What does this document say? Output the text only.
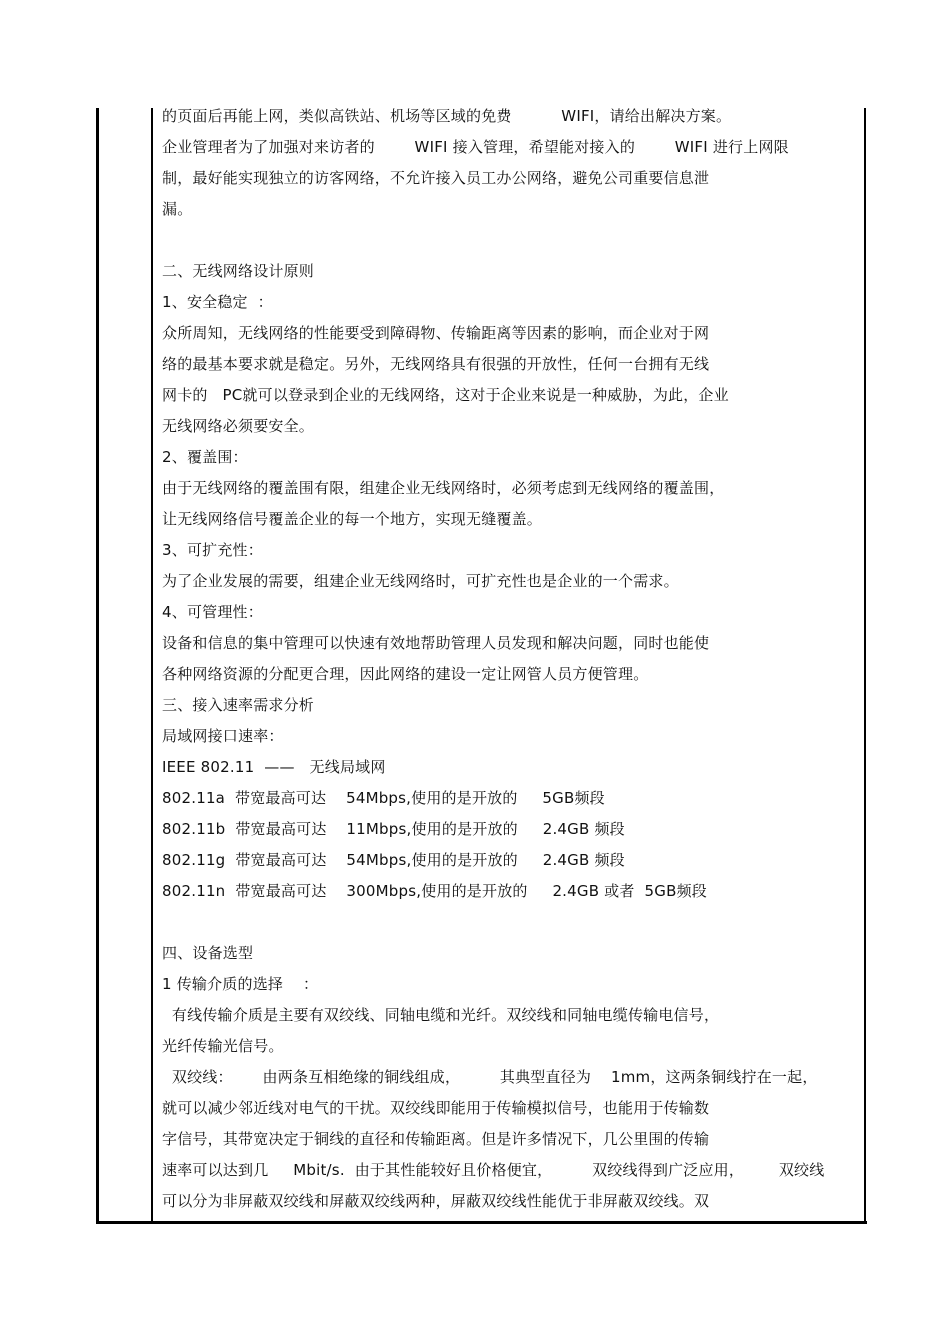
的页面后再能上网，类似高铁站、机场等区域的免费          WIFI，请给出解决方案。
企业管理者为了加强对来访者的        WIFI 接入管理，希望能对接入的        WIFI 进行上网限
制，最好能实现独立的访客网络，不允许接入员工办公网络，避免公司重要信息泄
漏。
二、无线网络设计原则
1、安全稳定  ：
众所周知，无线网络的性能要受到障碍物、传输距离等因素的影响，而企业对于网
络的最基本要求就是稳定。另外，无线网络具有很强的开放性，任何一台拥有无线
网卡的   PC就可以登录到企业的无线网络，这对于企业来说是一种威胁，为此，企业
无线网络必须要安全。
2、覆盖围：
由于无线网络的覆盖围有限，组建企业无线网络时，必须考虑到无线网络的覆盖围，
让无线网络信号覆盖企业的每一个地方，实现无缝覆盖。
3、可扩充性：
为了企业发展的需要，组建企业无线网络时，可扩充性也是企业的一个需求。
4、可管理性：
设备和信息的集中管理可以快速有效地帮助管理人员发现和解决问题，同时也能使
各种网络资源的分配更合理，因此网络的建设一定让网管人员方便管理。
三、接入速率需求分析
局域网接口速率：
IEEE 802.11  ——   无线局域网
802.11a  带宽最高可达    54Mbps,使用的是开放的     5GB频段
802.11b  带宽最高可达    11Mbps,使用的是开放的     2.4GB 频段
802.11g  带宽最高可达    54Mbps,使用的是开放的     2.4GB 频段
802.11n  带宽最高可达    300Mbps,使用的是开放的     2.4GB 或者  5GB频段
四、设备选型
1 传输介质的选择    ：
有线传输介质是主要有双绞线、同轴电缆和光纤。双绞线和同轴电缆传输电信号，
光纤传输光信号。
双绞线：      由两条互相绝缘的铜线组成，        其典型直径为    1mm，这两条铜线拧在一起，
就可以减少邻近线对电气的干扰。双绞线即能用于传输模拟信号，也能用于传输数
字信号，其带宽决定于铜线的直径和传输距离。但是许多情况下，几公里围的传输
速率可以达到几     Mbit/s.  由于其性能较好且价格便宜，        双绞线得到广泛应用，       双绞线
可以分为非屏蔽双绞线和屏蔽双绞线两种，屏蔽双绞线性能优于非屏蔽双绞线。双
